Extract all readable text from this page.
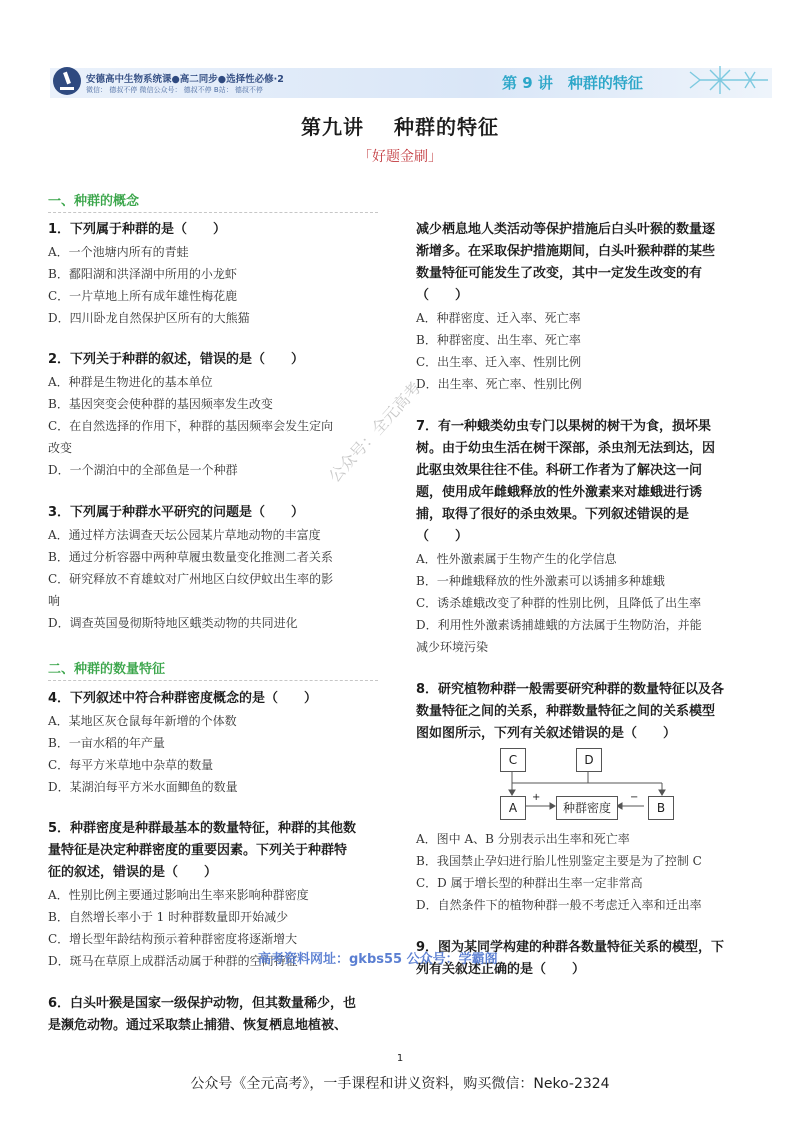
安德高中生物系统课●高二同步●选择性必修·2
微信： 德叔不停 微信公众号： 德叔不停 B站： 德叔不停	第 9 讲　种群的特征
第九讲 种群的特征
「好题金刷」
一、种群的概念
1．下列属于种群的是（　　）
A．一个池塘内所有的青蛙
B．鄱阳湖和洪泽湖中所用的小龙虾
C．一片草地上所有成年雄性梅花鹿
D．四川卧龙自然保护区所有的大熊猫
2．下列关于种群的叙述，错误的是（　　）
A．种群是生物进化的基本单位
B．基因突变会使种群的基因频率发生改变
C．在自然选择的作用下，种群的基因频率会发生定向
改变
D．一个湖泊中的全部鱼是一个种群
3．下列属于种群水平研究的问题是（　　）
A．通过样方法调查天坛公园某片草地动物的丰富度
B．通过分析容器中两种草履虫数量变化推测二者关系
C．研究释放不育雄蚊对广州地区白纹伊蚊出生率的影
响
D．调查英国曼彻斯特地区蛾类动物的共同进化
二、种群的数量特征
4．下列叙述中符合种群密度概念的是（　　）
A．某地区灰仓鼠每年新增的个体数
B．一亩水稻的年产量
C．每平方米草地中杂草的数量
D．某湖泊每平方米水面鲫鱼的数量
5．种群密度是种群最基本的数量特征，种群的其他数
量特征是决定种群密度的重要因素。下列关于种群特
征的叙述，错误的是（　　）
A．性别比例主要通过影响出生率来影响种群密度
B．自然增长率小于 1 时种群数量即开始减少
C．增长型年龄结构预示着种群密度将逐渐增大
D．斑马在草原上成群活动属于种群的空间特征
6．白头叶猴是国家一级保护动物，但其数量稀少，也
是濒危动物。通过采取禁止捕猎、恢复栖息地植被、
减少栖息地人类活动等保护措施后白头叶猴的数量逐
渐增多。在采取保护措施期间，白头叶猴种群的某些
数量特征可能发生了改变，其中一定发生改变的有
（　　）
A．种群密度、迁入率、死亡率
B．种群密度、出生率、死亡率
C．出生率、迁入率、性别比例
D．出生率、死亡率、性别比例
7．有一种蛾类幼虫专门以果树的树干为食，损坏果
树。由于幼虫生活在树干深部，杀虫剂无法到达，因
此驱虫效果往往不佳。科研工作者为了解决这一问
题，使用成年雌蛾释放的性外激素来对雄蛾进行诱
捕，取得了很好的杀虫效果。下列叙述错误的是
（　　）
A．性外激素属于生物产生的化学信息
B．一种雌蛾释放的性外激素可以诱捕多种雄蛾
C．诱杀雄蛾改变了种群的性别比例，且降低了出生率
D．利用性外激素诱捕雄蛾的方法属于生物防治，并能
减少环境污染
8．研究植物种群一般需要研究种群的数量特征以及各
数量特征之间的关系，种群数量特征之间的关系模型
图如图所示，下列有关叙述错误的是（　　）
C	D
A	种群密度	B
+	−
A．图中 A、B 分别表示出生率和死亡率
B．我国禁止孕妇进行胎儿性别鉴定主要是为了控制 C
C．D 属于增长型的种群出生率一定非常高
D．自然条件下的植物种群一般不考虑迁入率和迁出率
9．图为某同学构建的种群各数量特征关系的模型，下
列有关叙述正确的是（　　）
公众号：全元高考
高考资料网址：gkbs55 公众号：学霸阁
1
公众号《全元高考》，一手课程和讲义资料，购买微信：Neko-2324
